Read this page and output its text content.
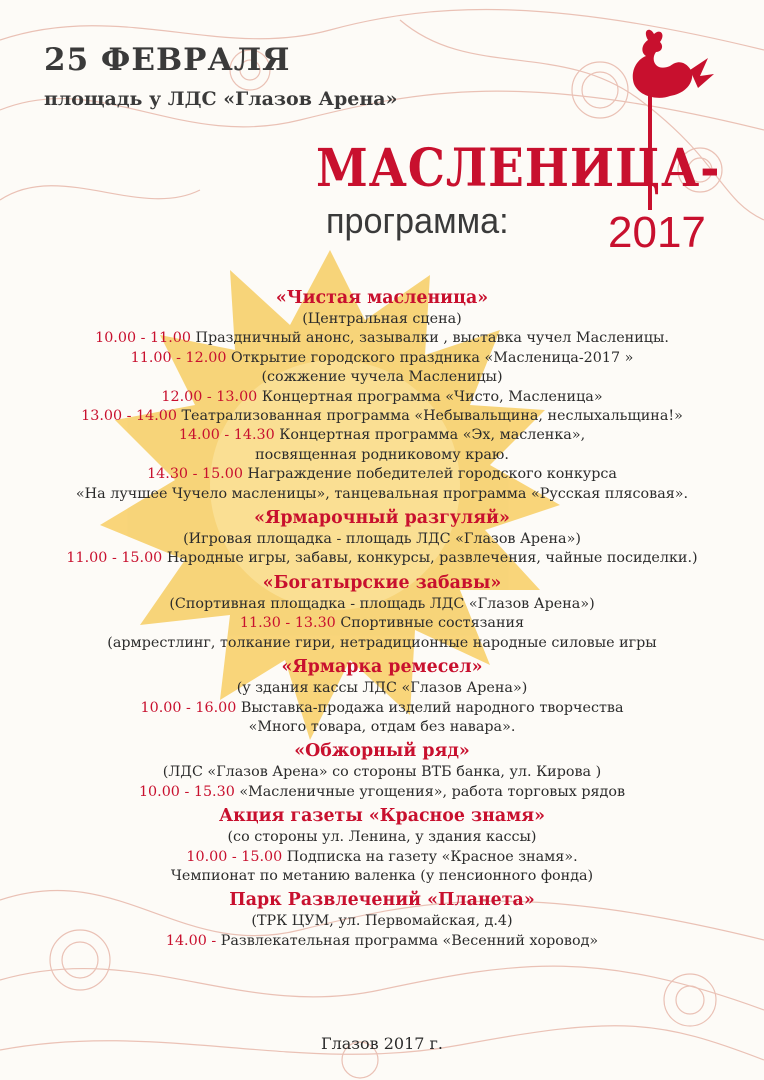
25 ФЕВРАЛЯ
площадь у ЛДС «Глазов Арена»
МАСЛЕНИЦА-
программа: 2017
«Чистая масленица»
(Центральная сцена)
10.00 - 11.00 Праздничный анонс, зазывалки , выставка чучел Масленицы.
11.00 - 12.00 Открытие городского праздника «Масленица-2017 »
(сожжение чучела Масленицы)
12.00 - 13.00 Концертная программа «Чисто, Масленица»
13.00 - 14.00 Театрализованная программа «Небывальщина, неслыхальщина!»
14.00 - 14.30 Концертная программа «Эх, масленка»,
посвященная родниковому краю.
14.30 - 15.00 Награждение победителей городского конкурса
«На лучшее Чучело масленицы», танцевальная программа «Русская плясовая».
«Ярмарочный разгуляй»
(Игровая площадка - площадь ЛДС «Глазов Арена»)
11.00 - 15.00 Народные игры, забавы, конкурсы, развлечения, чайные посиделки.)
«Богатырские забавы»
(Спортивная площадка - площадь ЛДС «Глазов Арена»)
11.30 - 13.30 Спортивные состязания
(армрестлинг, толкание гири, нетрадиционные народные силовые игры
«Ярмарка ремесел»
(у здания кассы ЛДС «Глазов Арена»)
10.00 - 16.00 Выставка-продажа изделий народного творчества
«Много товара, отдам без навара».
«Обжорный ряд»
(ЛДС «Глазов Арена» со стороны ВТБ банка, ул. Кирова )
10.00 - 15.30 «Масленичные угощения», работа торговых рядов
Акция газеты «Красное знамя»
(со стороны ул. Ленина, у здания кассы)
10.00 - 15.00 Подписка на газету «Красное знамя».
Чемпионат по метанию валенка (у пенсионного фонда)
Парк Развлечений «Планета»
(ТРК ЦУМ, ул. Первомайская, д.4)
14.00 - Развлекательная программа «Весенний хоровод»
Глазов 2017 г.
